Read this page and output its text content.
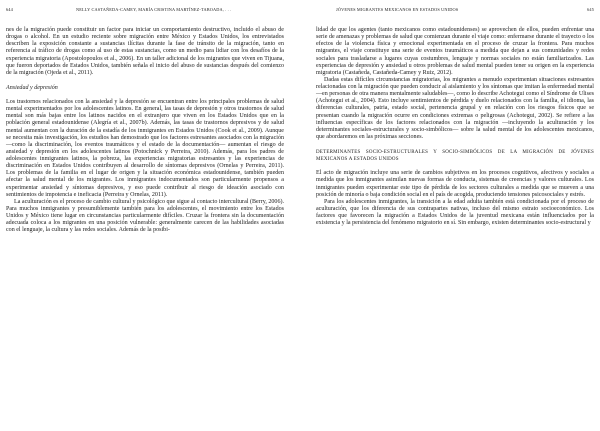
644	NELLY CASTAÑEDA-CAMEY, MARÍA CRISTINA MARTÍNEZ-TABOADA, . . .

nes de la migración puede constituir un factor para iniciar un comportamiento destructivo, incluido el abuso de drogas o alcohol. En un estudio reciente sobre migración entre México y Estados Unidos, los entrevistados describen la exposición constante a sustancias ilícitas durante la fase de tránsito de la migración, tanto en referencia al tráfico de drogas como al uso de estas sustancias, como un medio para lidiar con los desafíos de la experiencia migratoria (Apostolopoulos et al., 2006). En un taller adicional de los migrantes que viven en Tijuana, que fueron deportados de Estados Unidos, también señala el inicio del abuso de sustancias después del comienzo de la migración (Ojeda et al., 2011).

Ansiedad y depresión

Los trastornos relacionados con la ansiedad y la depresión se encuentran entre los principales problemas de salud mental experimentados por los adolescentes latinos. En general, las tasas de depresión y otros trastornos de salud mental son más bajas entre los latinos nacidos en el extranjero que viven en los Estados Unidos que en la población general estadounidense (Alegría et al., 2007b). Además, las tasas de trastornos depresivos y de salud mental aumentan con la duración de la estadía de los inmigrantes en Estados Unidos (Cook et al., 2009). Aunque se necesita más investigación, los estudios han demostrado que los factores estresantes asociados con la migración —como la discriminación, los eventos traumáticos y el estado de la documentación— aumentan el riesgo de ansiedad y depresión en los adolescentes latinos (Potochnick y Perreira, 2010). Además, para los padres de adolescentes inmigrantes latinos, la pobreza, las experiencias migratorias estresantes y las experiencias de discriminación en Estados Unidos contribuyen al desarrollo de síntomas depresivos (Ornelas y Perreira, 2011). Los problemas de la familia en el lugar de origen y la situación económica estadounidense, también pueden afectar la salud mental de los migrantes. Los inmigrantes indocumentados son particularmente propensos a experimentar ansiedad y síntomas depresivos, y eso puede contribuir al riesgo de ideación asociado con sentimientos de impotencia e ineficacia (Perreira y Ornelas, 2011).

La aculturación es el proceso de cambio cultural y psicológico que sigue al contacto intercultural (Berry, 2006). Para muchos inmigrantes y presumiblemente también para los adolescentes, el movimiento entre los Estados Unidos y México tiene lugar en circunstancias particularmente difíciles. Cruzar la frontera sin la documentación adecuada coloca a los migrantes en una posición vulnerable: generalmente carecen de las habilidades asociadas con el lenguaje, la cultura y las redes sociales. Además de la posibi-

JÓVENES MIGRANTES MEXICANOS EN ESTADOS UNIDOS	645

lidad de que los agentes (tanto mexicanos como estadounidenses) se aprovechen de ellos, pueden enfrentar una serie de amenazas y problemas de salud que comienzan durante el viaje como: enfermarse durante el trayecto o los efectos de la violencia física y emocional experimentada en el proceso de cruzar la frontera. Para muchos migrantes, el viaje constituye una serie de eventos traumáticos a medida que dejan a sus comunidades y redes sociales para trasladarse a lugares cuyas costumbres, lenguaje y normas sociales no están familiarizados. Las experiencias de depresión y ansiedad u otros problemas de salud mental pueden tener su origen en la experiencia migratoria (Castañeda, Castañeda-Camey y Ruiz, 2012).

Dadas estas difíciles circunstancias migratorias, los migrantes a menudo experimentan situaciones estresantes relacionadas con la migración que pueden conducir al aislamiento y los síntomas que imitan la enfermedad mental —en personas de otra manera mentalmente saludables—, como lo describe Achotegui como el Síndrome de Ulises (Achotegui et al., 2004). Esto incluye sentimientos de pérdida y duelo relacionados con la familia, el idioma, las diferencias culturales, patria, estado social, pertenencia grupal y en relación con los riesgos físicos que se presentan cuando la migración ocurre en condiciones extremas o peligrosas (Achotegui, 2002). Se refiere a las influencias específicas de los factores relacionados con la migración —incluyendo la aculturación y los determinantes sociales-estructurales y socio-simbólicos— sobre la salud mental de los adolescentes mexicanos, que abordaremos en las próximas secciones.

DETERMINANTES SOCIO-ESTRUCTURALES Y SOCIO-SIMBÓLICOS DE LA MIGRACIÓN DE JÓVENES MEXICANOS A ESTADOS UNIDOS

El acto de migración incluye una serie de cambios subjetivos en los procesos cognitivos, afectivos y sociales a medida que los inmigrantes asimilan nuevas formas de conducta, sistemas de creencias y valores culturales. Los inmigrantes pueden experimentar este tipo de pérdida de los sectores culturales a medida que se mueven a una posición de minoría o baja condición social en el país de acogida, produciendo tensiones psicosociales y estrés.

Para los adolescentes inmigrantes, la transición a la edad adulta también está condicionada por el proceso de aculturación, que los diferencia de sus contrapartes nativas, incluso del mismo estrato socioeconómico. Los factores que favorecen la migración a Estados Unidos de la juventud mexicana están influenciados por la existencia y la persistencia del fenómeno migratorio en sí. Sin embargo, existen determinantes socio-estructural y
